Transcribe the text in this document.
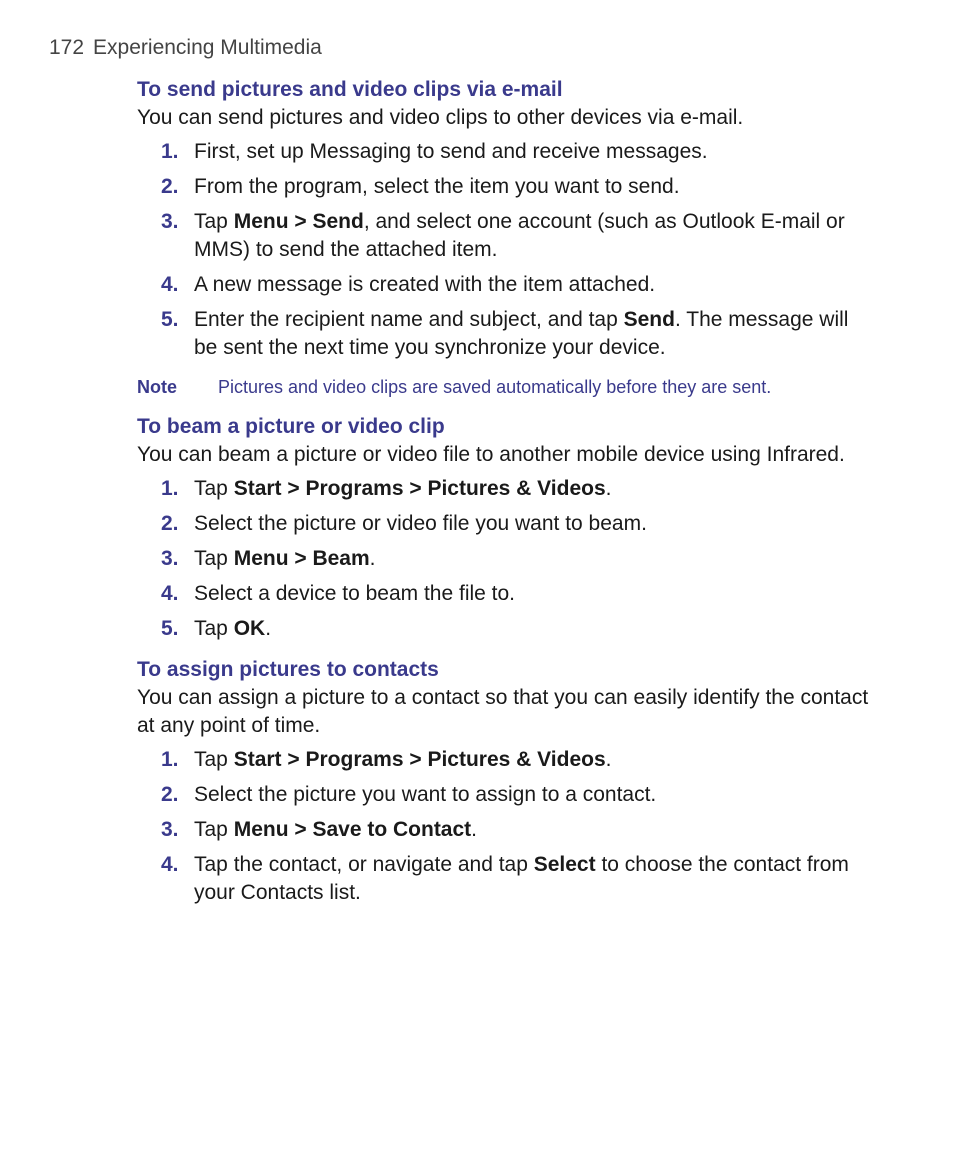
172 Experiencing Multimedia
To send pictures and video clips via e-mail

You can send pictures and video clips to other devices via e-mail.

1. First, set up Messaging to send and receive messages.
2. From the program, select the item you want to send.
3. Tap Menu > Send, and select one account (such as Outlook E-mail or MMS) to send the attached item.
4. A new message is created with the item attached.
5. Enter the recipient name and subject, and tap Send. The message will be sent the next time you synchronize your device.
Note	Pictures and video clips are saved automatically before they are sent.
To beam a picture or video clip

You can beam a picture or video file to another mobile device using Infrared.

1. Tap Start > Programs > Pictures & Videos.
2. Select the picture or video file you want to beam.
3. Tap Menu > Beam.
4. Select a device to beam the file to.
5. Tap OK.
To assign pictures to contacts

You can assign a picture to a contact so that you can easily identify the contact at any point of time.

1. Tap Start > Programs > Pictures & Videos.
2. Select the picture you want to assign to a contact.
3. Tap Menu > Save to Contact.
4. Tap the contact, or navigate and tap Select to choose the contact from your Contacts list.
